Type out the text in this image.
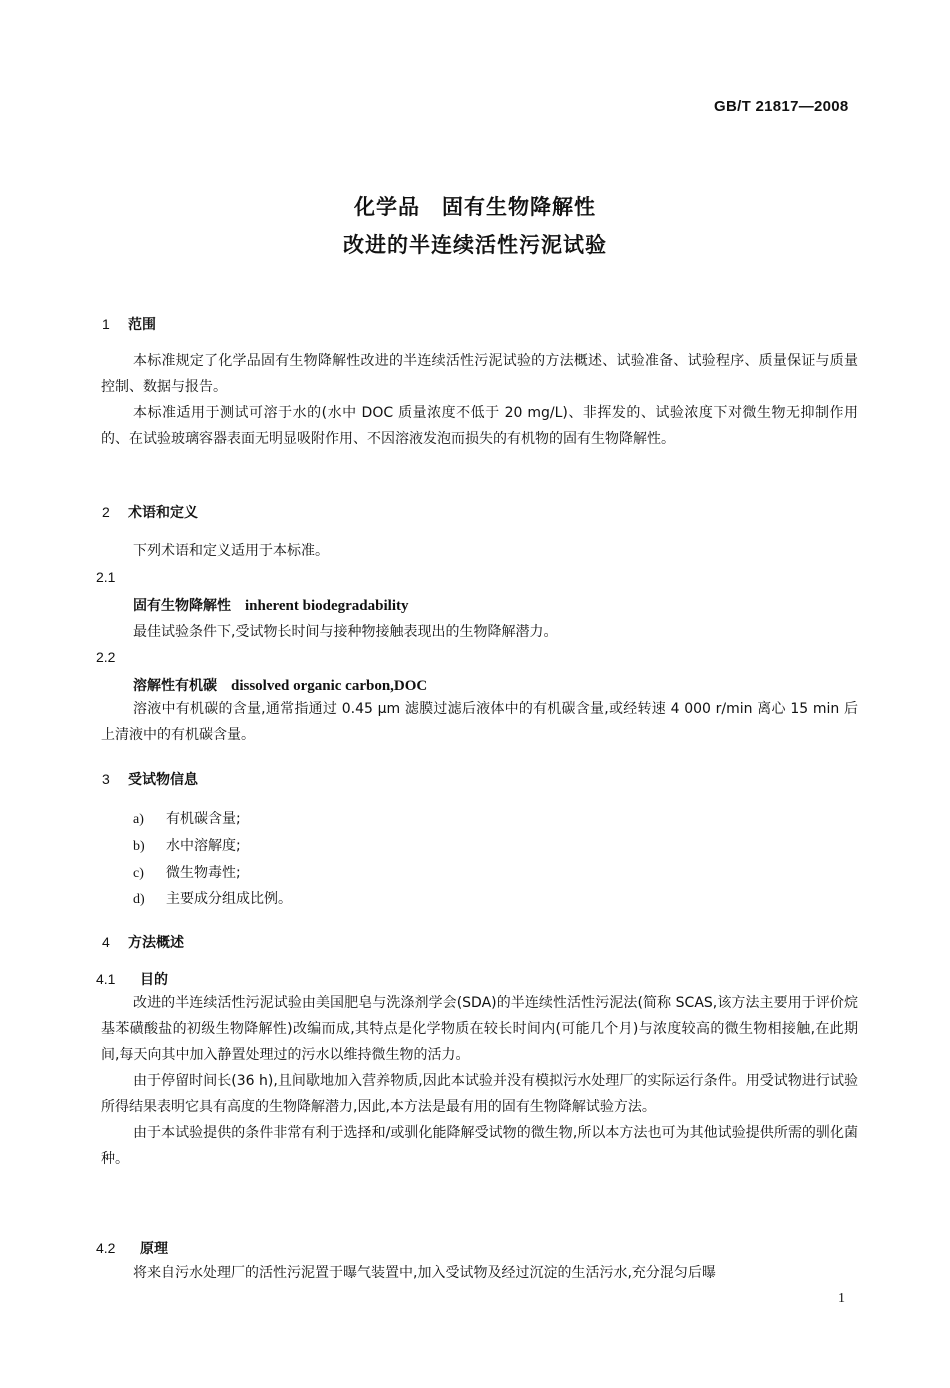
GB/T 21817—2008
化学品　固有生物降解性
改进的半连续活性污泥试验
1 范围

本标准规定了化学品固有生物降解性改进的半连续活性污泥试验的方法概述、试验准备、试验程序、质量保证与质量控制、数据与报告。

本标准适用于测试可溶于水的(水中 DOC 质量浓度不低于 20 mg/L)、非挥发的、试验浓度下对微生物无抑制作用的、在试验玻璃容器表面无明显吸附作用、不因溶液发泡而损失的有机物的固有生物降解性。

2 术语和定义
下列术语和定义适用于本标准。
2.1
固有生物降解性 inherent biodegradability
最佳试验条件下,受试物长时间与接种物接触表现出的生物降解潜力。
2.2
溶解性有机碳 dissolved organic carbon,DOC

溶液中有机碳的含量,通常指通过 0.45 μm 滤膜过滤后液体中的有机碳含量,或经转速 4 000 r/min 离心 15 min 后上清液中的有机碳含量。

3 受试物信息
a) 有机碳含量;
b) 水中溶解度;
c) 微生物毒性;
d) 主要成分组成比例。
4 方法概述
4.1 目的

改进的半连续活性污泥试验由美国肥皂与洗涤剂学会(SDA)的半连续性活性污泥法(简称 SCAS,该方法主要用于评价烷基苯磺酸盐的初级生物降解性)改编而成,其特点是化学物质在较长时间内(可能几个月)与浓度较高的微生物相接触,在此期间,每天向其中加入静置处理过的污水以维持微生物的活力。

由于停留时间长(36 h),且间歇地加入营养物质,因此本试验并没有模拟污水处理厂的实际运行条件。用受试物进行试验所得结果表明它具有高度的生物降解潜力,因此,本方法是最有用的固有生物降解试验方法。

由于本试验提供的条件非常有利于选择和/或驯化能降解受试物的微生物,所以本方法也可为其他试验提供所需的驯化菌种。

4.2 原理

将来自污水处理厂的活性污泥置于曝气装置中,加入受试物及经过沉淀的生活污水,充分混匀后曝

1
